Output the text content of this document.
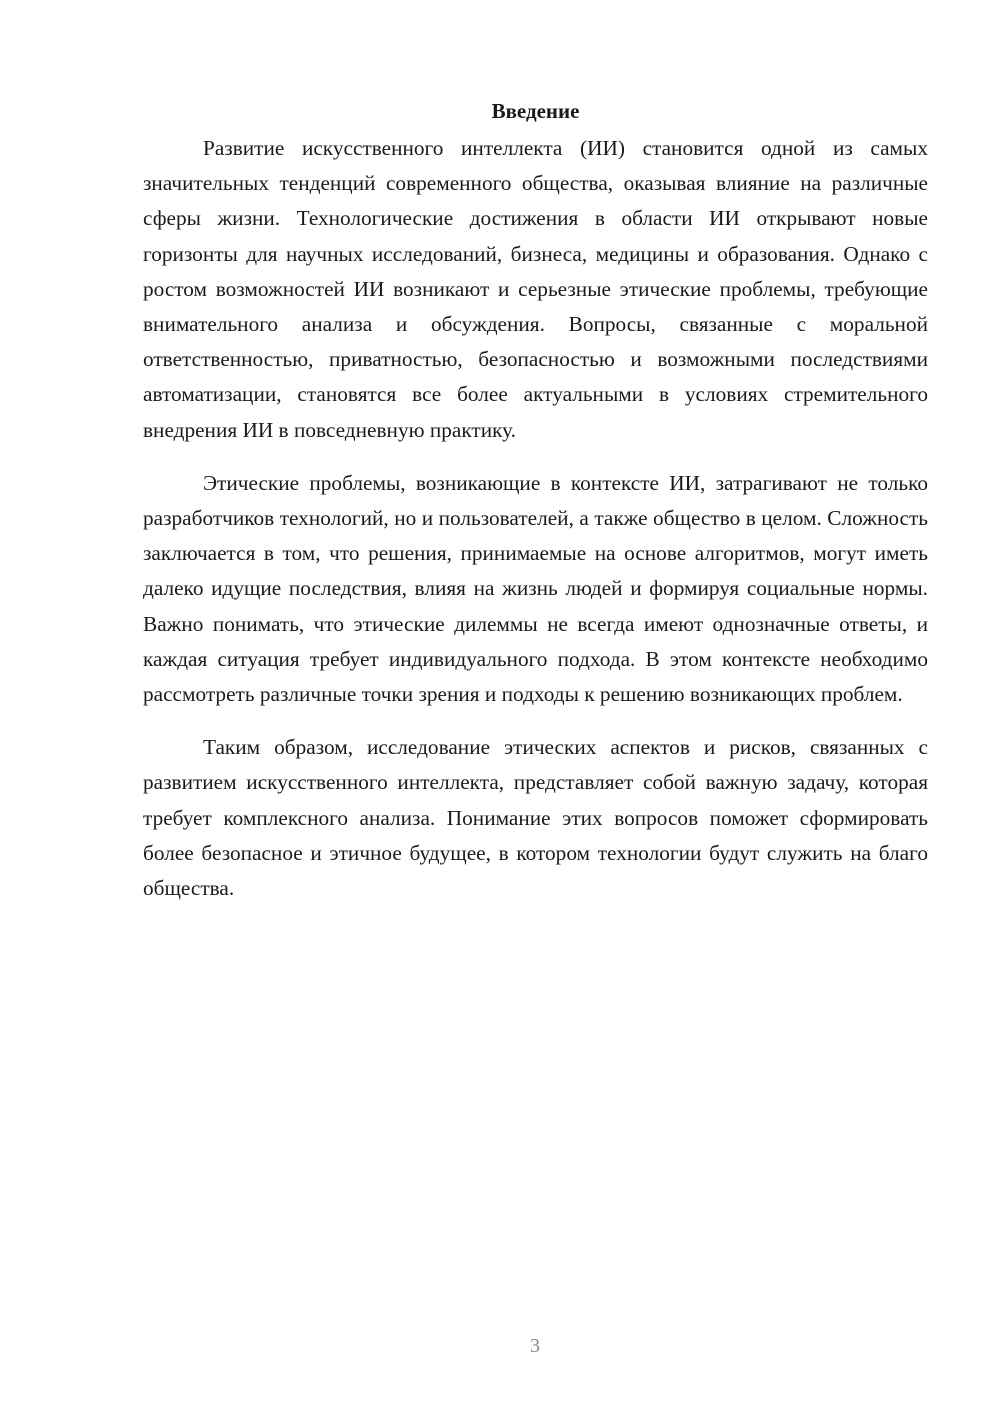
Введение

Развитие искусственного интеллекта (ИИ) становится одной из самых значительных тенденций современного общества, оказывая влияние на различные сферы жизни. Технологические достижения в области ИИ открывают новые горизонты для научных исследований, бизнеса, медицины и образования. Однако с ростом возможностей ИИ возникают и серьезные этические проблемы, требующие внимательного анализа и обсуждения. Вопросы, связанные с моральной ответственностью, приватностью, безопасностью и возможными последствиями автоматизации, становятся все более актуальными в условиях стремительного внедрения ИИ в повседневную практику.

Этические проблемы, возникающие в контексте ИИ, затрагивают не только разработчиков технологий, но и пользователей, а также общество в целом. Сложность заключается в том, что решения, принимаемые на основе алгоритмов, могут иметь далеко идущие последствия, влияя на жизнь людей и формируя социальные нормы. Важно понимать, что этические дилеммы не всегда имеют однозначные ответы, и каждая ситуация требует индивидуального подхода. В этом контексте необходимо рассмотреть различные точки зрения и подходы к решению возникающих проблем.

Таким образом, исследование этических аспектов и рисков, связанных с развитием искусственного интеллекта, представляет собой важную задачу, которая требует комплексного анализа. Понимание этих вопросов поможет сформировать более безопасное и этичное будущее, в котором технологии будут служить на благо общества.

3
